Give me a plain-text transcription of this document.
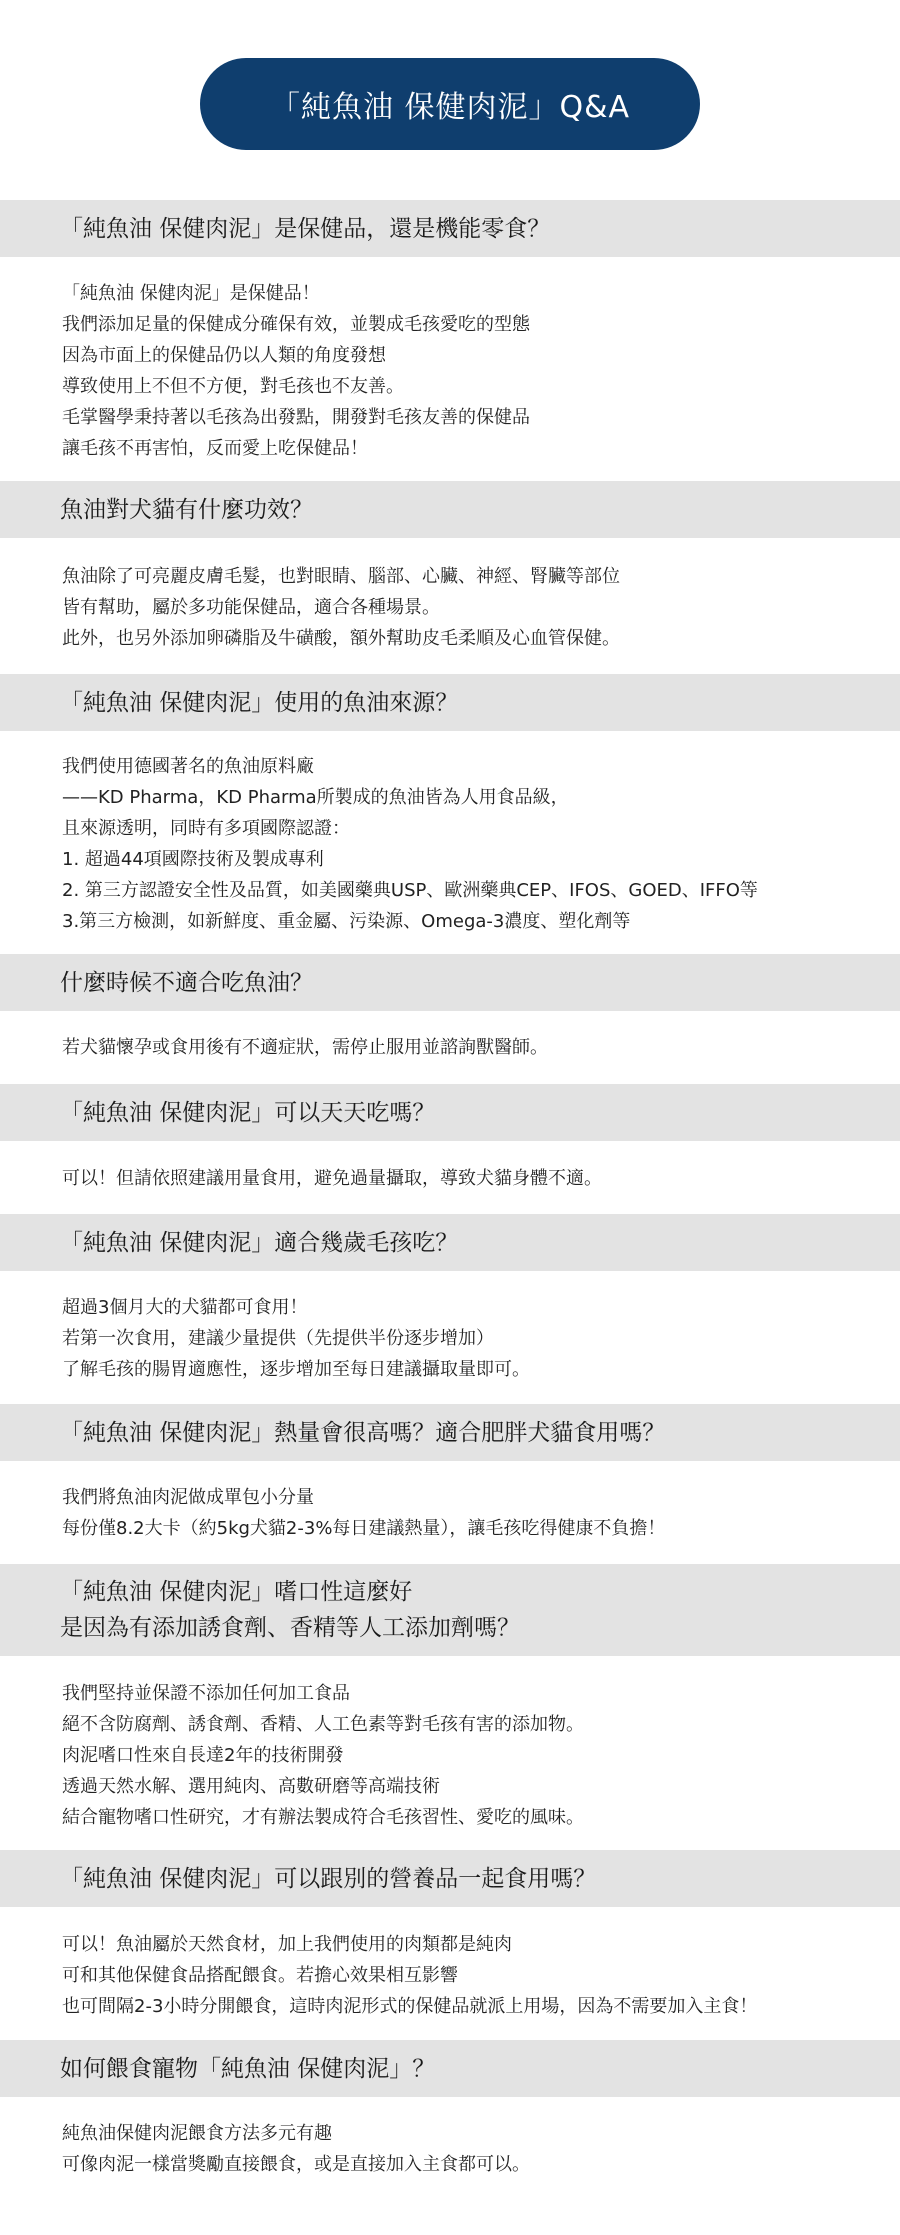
「純魚油 保健肉泥」Q&A
「純魚油 保健肉泥」是保健品，還是機能零食？
「純魚油 保健肉泥」是保健品！
我們添加足量的保健成分確保有效，並製成毛孩愛吃的型態
因為市面上的保健品仍以人類的角度發想
導致使用上不但不方便，對毛孩也不友善。
毛掌醫學秉持著以毛孩為出發點，開發對毛孩友善的保健品
讓毛孩不再害怕，反而愛上吃保健品！
魚油對犬貓有什麼功效？
魚油除了可亮麗皮膚毛髮，也對眼睛、腦部、心臟、神經、腎臟等部位
皆有幫助，屬於多功能保健品，適合各種場景。
此外，也另外添加卵磷脂及牛磺酸，額外幫助皮毛柔順及心血管保健。
「純魚油 保健肉泥」使用的魚油來源？
我們使用德國著名的魚油原料廠
——KD Pharma，KD Pharma所製成的魚油皆為人用食品級，
且來源透明，同時有多項國際認證：
1. 超過44項國際技術及製成專利
2. 第三方認證安全性及品質，如美國藥典USP、歐洲藥典CEP、IFOS、GOED、IFFO等
3.第三方檢測，如新鮮度、重金屬、污染源、Omega-3濃度、塑化劑等
什麼時候不適合吃魚油？
若犬貓懷孕或食用後有不適症狀，需停止服用並諮詢獸醫師。
「純魚油 保健肉泥」可以天天吃嗎？
可以！但請依照建議用量食用，避免過量攝取，導致犬貓身體不適。
「純魚油 保健肉泥」適合幾歲毛孩吃？
超過3個月大的犬貓都可食用！
若第一次食用，建議少量提供（先提供半份逐步增加）
了解毛孩的腸胃適應性，逐步增加至每日建議攝取量即可。
「純魚油 保健肉泥」熱量會很高嗎？適合肥胖犬貓食用嗎？
我們將魚油肉泥做成單包小分量
每份僅8.2大卡（約5kg犬貓2-3%每日建議熱量），讓毛孩吃得健康不負擔！
「純魚油 保健肉泥」嗜口性這麼好
是因為有添加誘食劑、香精等人工添加劑嗎？
我們堅持並保證不添加任何加工食品
絕不含防腐劑、誘食劑、香精、人工色素等對毛孩有害的添加物。
肉泥嗜口性來自長達2年的技術開發
透過天然水解、選用純肉、高數研磨等高端技術
結合寵物嗜口性研究，才有辦法製成符合毛孩習性、愛吃的風味。
「純魚油 保健肉泥」可以跟別的營養品一起食用嗎？
可以！魚油屬於天然食材，加上我們使用的肉類都是純肉
可和其他保健食品搭配餵食。若擔心效果相互影響
也可間隔2-3小時分開餵食，這時肉泥形式的保健品就派上用場，因為不需要加入主食！
如何餵食寵物「純魚油 保健肉泥」？
純魚油保健肉泥餵食方法多元有趣
可像肉泥一樣當獎勵直接餵食，或是直接加入主食都可以。
